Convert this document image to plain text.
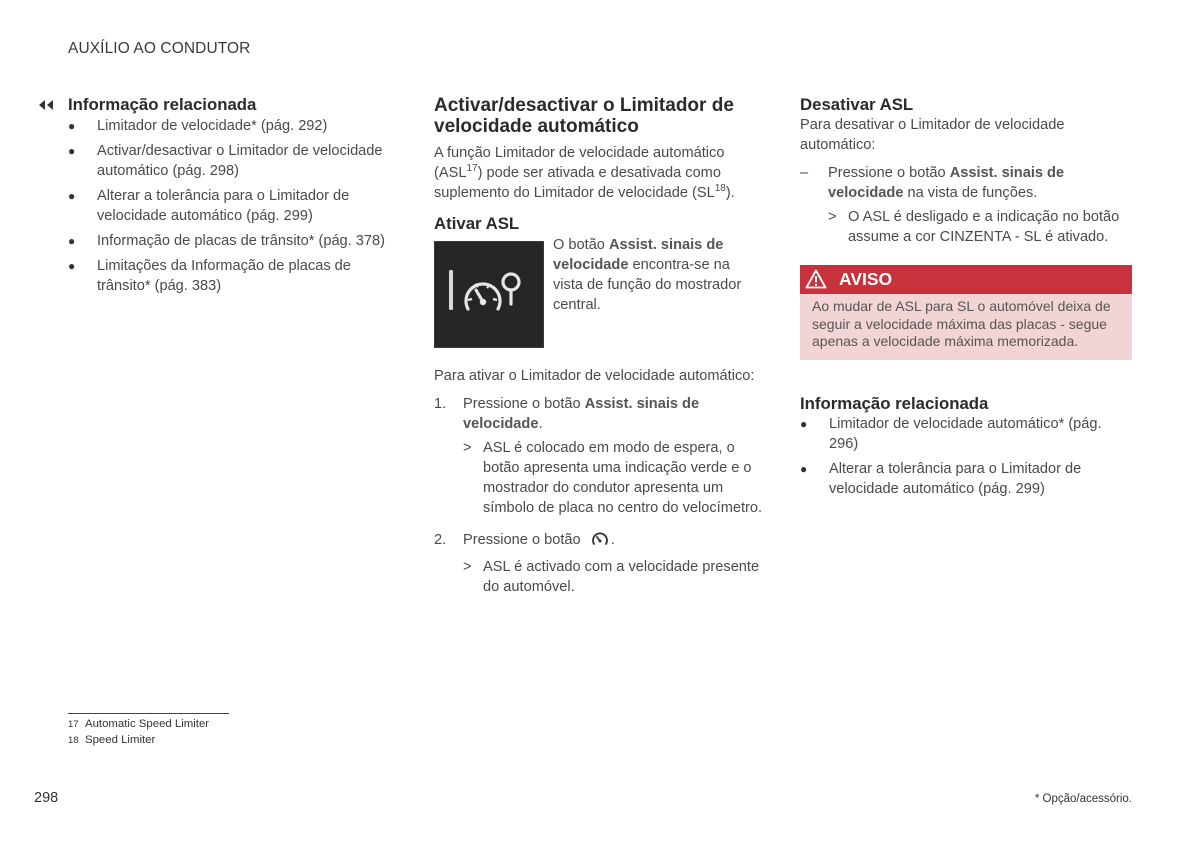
AUXÍLIO AO CONDUTOR
Informação relacionada
● Limitador de velocidade* (pág. 292)
● Activar/desactivar o Limitador de velocidade automático (pág. 298)
● Alterar a tolerância para o Limitador de velocidade automático (pág. 299)
● Informação de placas de trânsito* (pág. 378)
● Limitações da Informação de placas de trânsito* (pág. 383)
Activar/desactivar o Limitador de velocidade automático
A função Limitador de velocidade automático (ASL$^{17}$) pode ser ativada e desativada como suplemento do Limitador de velocidade (SL$^{18}$).
Ativar ASL
O botão Assist. sinais de velocidade encontra-se na vista de função do mostrador central.
Para ativar o Limitador de velocidade automático:
1. Pressione o botão Assist. sinais de velocidade.
> ASL é colocado em modo de espera, o botão apresenta uma indicação verde e o mostrador do condutor apresenta um símbolo de placa no centro do velocímetro.
2. Pressione o botão .
> ASL é activado com a velocidade presente do automóvel.
Desativar ASL
Para desativar o Limitador de velocidade automático:
– Pressione o botão Assist. sinais de velocidade na vista de funções.
> O ASL é desligado e a indicação no botão assume a cor CINZENTA - SL é ativado.
AVISO
Ao mudar de ASL para SL o automóvel deixa de seguir a velocidade máxima das placas - segue apenas a velocidade máxima memorizada.
Informação relacionada
● Limitador de velocidade automático* (pág. 296)
● Alterar a tolerância para o Limitador de velocidade automático (pág. 299)
17 Automatic Speed Limiter
18 Speed Limiter
298	* Opção/acessório.
